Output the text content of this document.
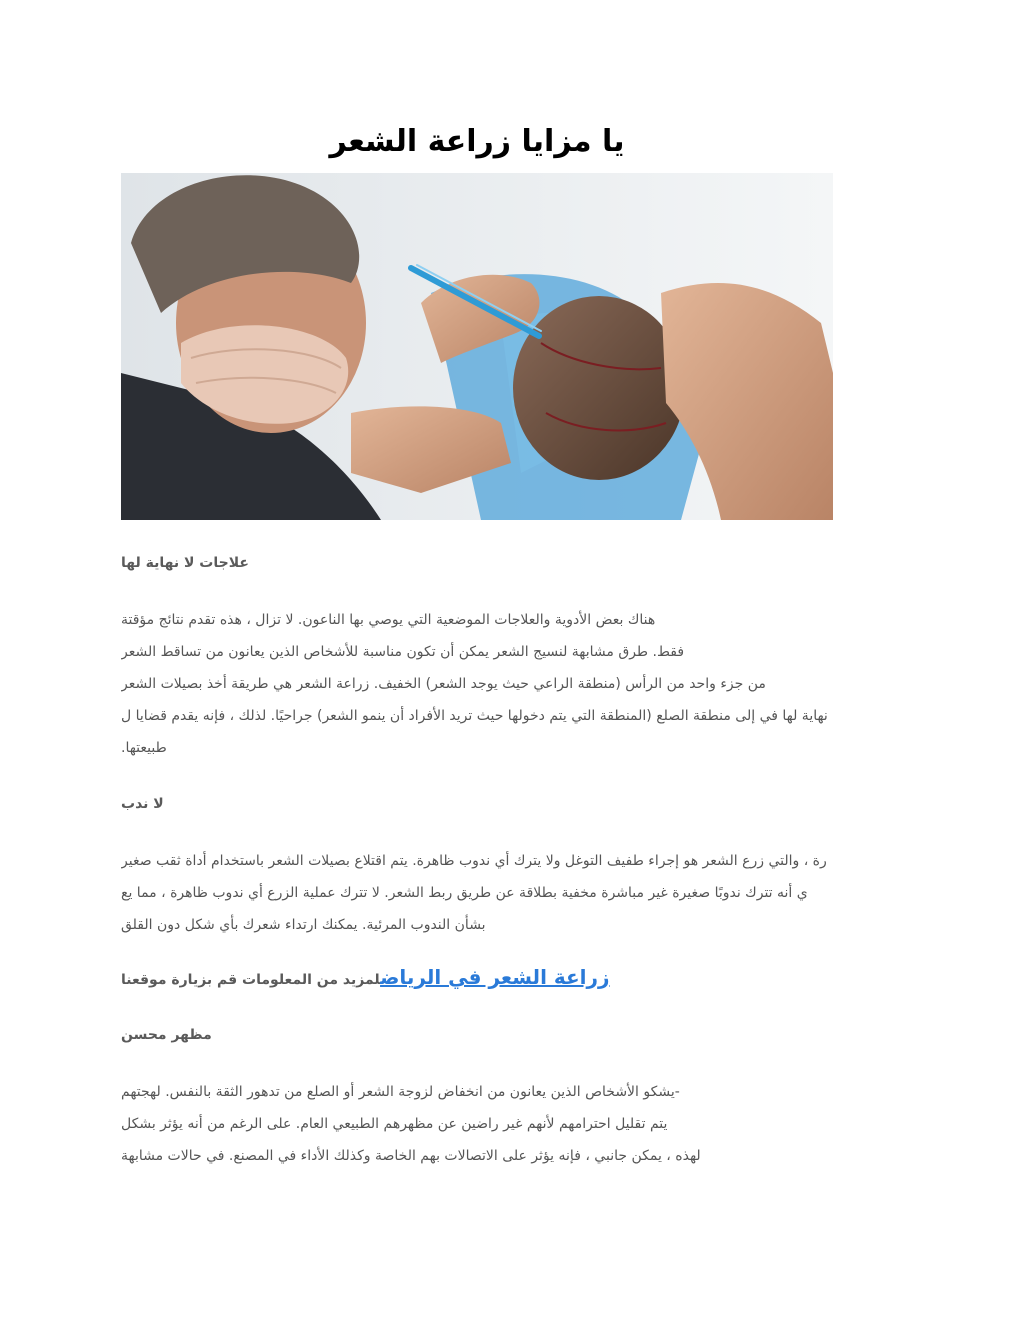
يا مزايا زراعة الشعر
علاجات لا نهاية لها
هناك بعض الأدوية والعلاجات الموضعية التي يوصي بها الناعون. لا تزال ، هذه تقدم نتائج مؤقتة
فقط. طرق مشابهة لنسيج الشعر يمكن أن تكون مناسبة للأشخاص الذين يعانون من تساقط الشعر
من جزء واحد من الرأس (منطقة الراعي حيث يوجد الشعر) الخفيف. زراعة الشعر هي طريقة أخذ بصيلات الشعر
نهاية لها في إلى منطقة الصلع (المنطقة التي يتم دخولها حيث تريد الأفراد أن ينمو الشعر) جراحيًا. لذلك ، فإنه يقدم قضايا ل
طبيعتها.
لا ندب
رة ، والتي زرع الشعر هو إجراء طفيف التوغل ولا يترك أي ندوب ظاهرة. يتم اقتلاع بصيلات الشعر باستخدام أداة ثقب صغير
ي أنه تترك ندوبًا صغيرة غير مباشرة مخفية بطلاقة عن طريق ربط الشعر. لا تترك عملية الزرع أي ندوب ظاهرة ، مما يع
بشأن الندوب المرئية. يمكنك ارتداء شعرك بأي شكل دون القلق
زراعة الشعر في الرياضلمزيد من المعلومات قم بزيارة موقعنا
مظهر محسن
-يشكو الأشخاص الذين يعانون من انخفاض لزوجة الشعر أو الصلع من تدهور الثقة بالنفس. لهجتهم
يتم تقليل احترامهم لأنهم غير راضين عن مظهرهم الطبيعي العام. على الرغم من أنه يؤثر بشكل
لهذه ، يمكن جانبي ، فإنه يؤثر على الاتصالات بهم الخاصة وكذلك الأداء في المصنع. في حالات مشابهة
